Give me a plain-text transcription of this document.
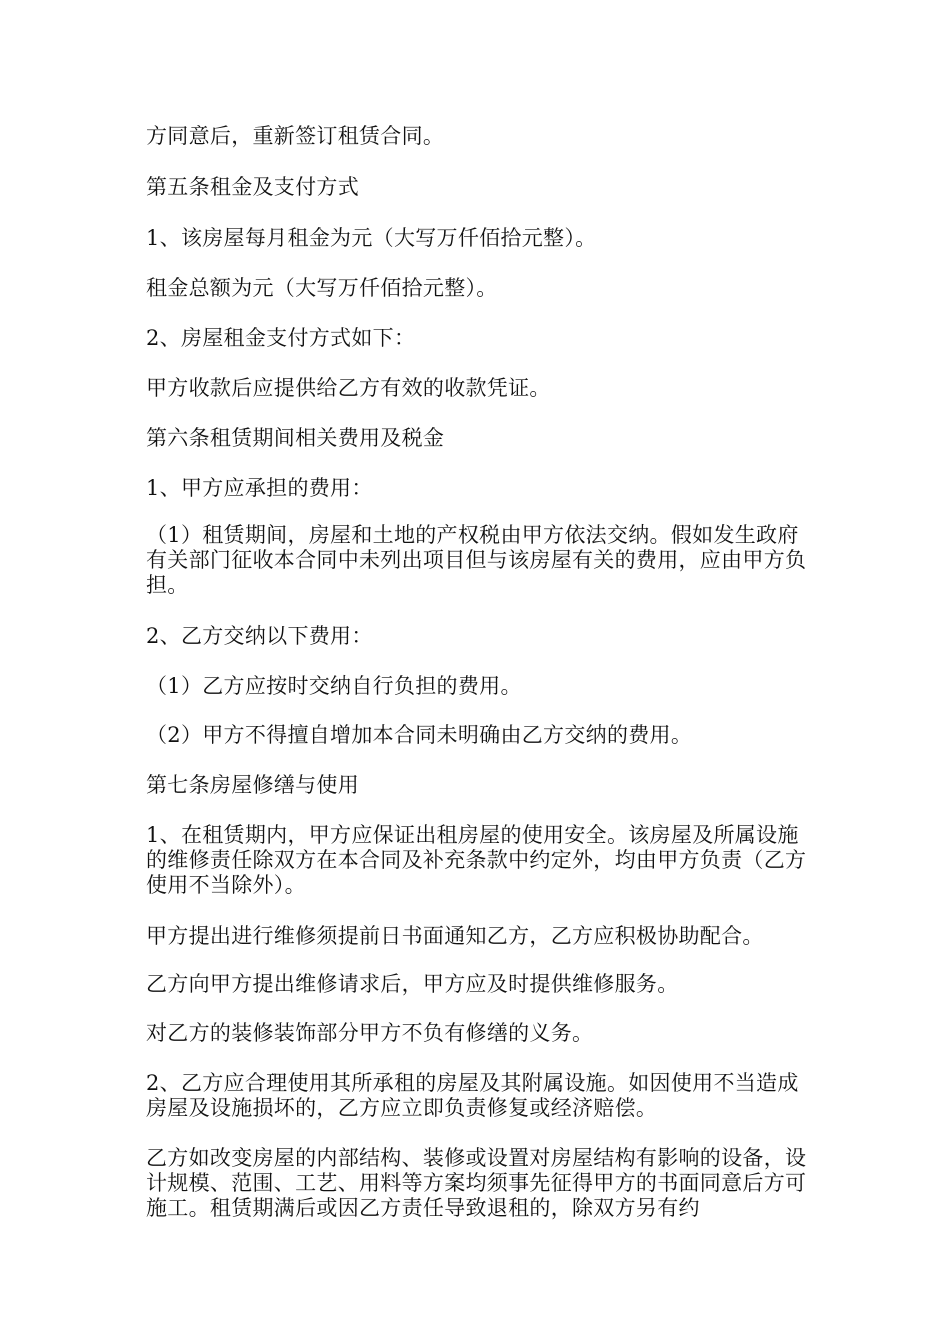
方同意后，重新签订租赁合同。

第五条租金及支付方式

1、该房屋每月租金为元（大写万仟佰拾元整）。

租金总额为元（大写万仟佰拾元整）。

2、房屋租金支付方式如下：

甲方收款后应提供给乙方有效的收款凭证。

第六条租赁期间相关费用及税金

1、甲方应承担的费用：

（1）租赁期间，房屋和土地的产权税由甲方依法交纳。假如发生政府有关部门征收本合同中未列出项目但与该房屋有关的费用，应由甲方负担。

2、乙方交纳以下费用：

（1）乙方应按时交纳自行负担的费用。

（2）甲方不得擅自增加本合同未明确由乙方交纳的费用。

第七条房屋修缮与使用

1、在租赁期内，甲方应保证出租房屋的使用安全。该房屋及所属设施的维修责任除双方在本合同及补充条款中约定外，均由甲方负责（乙方使用不当除外）。

甲方提出进行维修须提前日书面通知乙方，乙方应积极协助配合。

乙方向甲方提出维修请求后，甲方应及时提供维修服务。

对乙方的装修装饰部分甲方不负有修缮的义务。

2、乙方应合理使用其所承租的房屋及其附属设施。如因使用不当造成房屋及设施损坏的，乙方应立即负责修复或经济赔偿。

乙方如改变房屋的内部结构、装修或设置对房屋结构有影响的设备，设计规模、范围、工艺、用料等方案均须事先征得甲方的书面同意后方可施工。租赁期满后或因乙方责任导致退租的，除双方另有约
